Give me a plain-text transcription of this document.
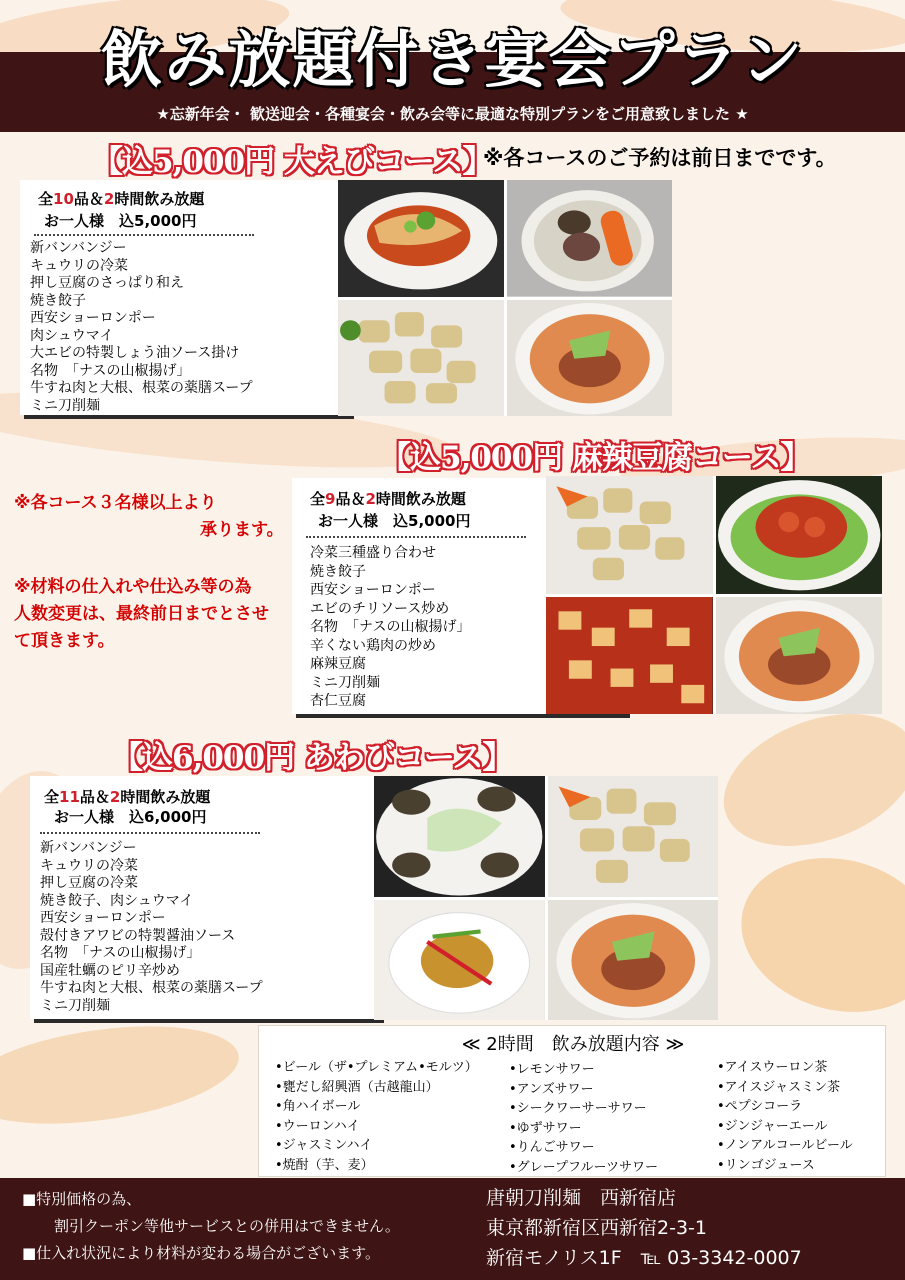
飲み放題付き宴会プラン
★忘新年会・ 歓送迎会・各種宴会・飲み会等に最適な特別プランをご用意致しました ★
【込5,000円 大えびコース】
※各コースのご予約は前日までです。
全10品＆2時間飲み放題
お一人様　込5,000円
新バンバンジー
キュウリの冷菜
押し豆腐のさっぱり和え
焼き餃子
西安ショーロンポー
肉シュウマイ
大エビの特製しょう油ソース掛け
名物　「ナスの山椒揚げ」
牛すね肉と大根、根菜の薬膳スープ
ミニ刀削麺
【込5,000円 麻辣豆腐コース】
※各コース３名様以上より
承ります。
※材料の仕入れや仕込み等の為
人数変更は、最終前日までとさせ
て頂きます。
全9品＆2時間飲み放題
お一人様　込5,000円
冷菜三種盛り合わせ
焼き餃子
西安ショーロンポー
エビのチリソース炒め
名物　「ナスの山椒揚げ」
辛くない鶏肉の炒め
麻辣豆腐
ミニ刀削麺
杏仁豆腐
【込6,000円 あわびコース】
全11品＆2時間飲み放題
お一人様　込6,000円
新バンバンジー
キュウリの冷菜
押し豆腐の冷菜
焼き餃子、肉シュウマイ
西安ショーロンポー
殻付きアワビの特製醤油ソース
名物　「ナスの山椒揚げ」
国産牡蠣のピリ辛炒め
牛すね肉と大根、根菜の薬膳スープ
ミニ刀削麺
≪ 2時間　飲み放題内容 ≫
•ビール（ザ•プレミアム•モルツ）
•甕だし紹興酒（古越龍山）
•角ハイボール
•ウーロンハイ
•ジャスミンハイ
•焼酎（芋、麦）
•レモンサワー
•アンズサワー
•シークワーサーサワー
•ゆずサワー
•りんごサワー
•グレープフルーツサワー
•アイスウーロン茶
•アイスジャスミン茶
•ペプシコーラ
•ジンジャーエール
•ノンアルコールビール
•リンゴジュース
■特別価格の為、
割引クーポン等他サービスとの併用はできません。
■仕入れ状況により材料が変わる場合がございます。
唐朝刀削麺　西新宿店
東京都新宿区西新宿2-3-1
新宿モノリス1F　℡ 03-3342-0007
